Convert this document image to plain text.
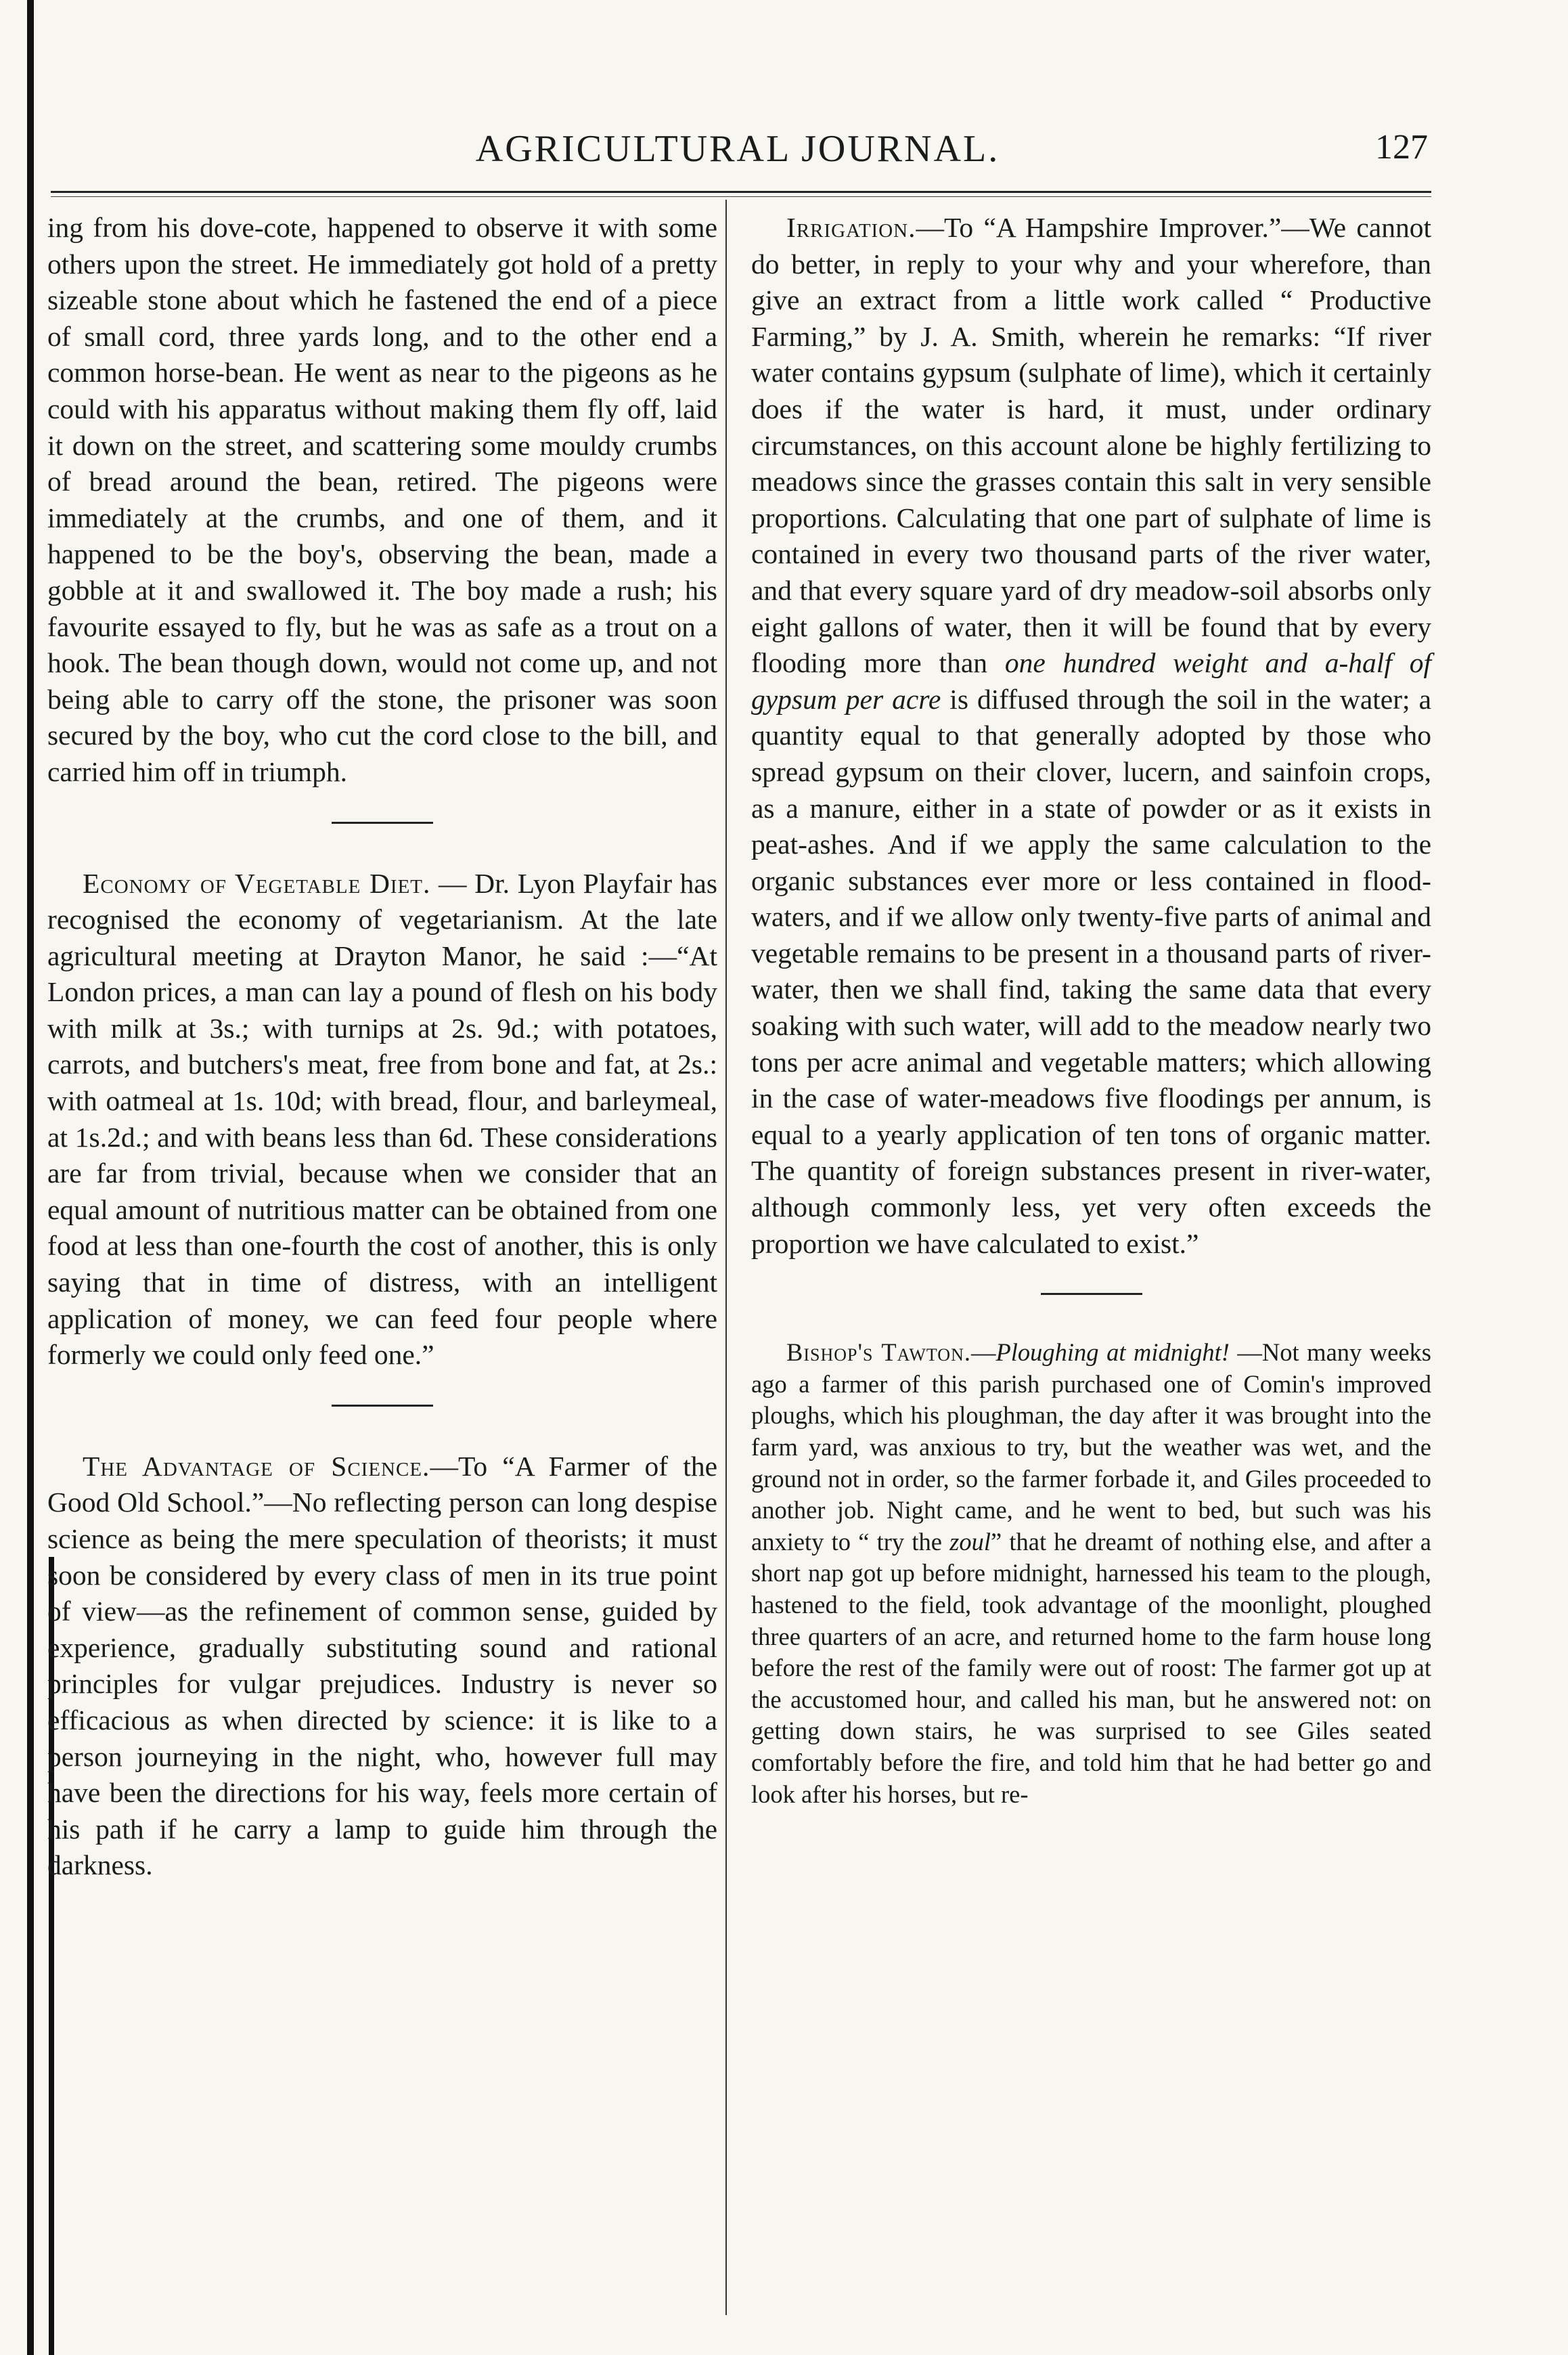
AGRICULTURAL JOURNAL.	127

ing from his dove-cote, happened to observe it with some others upon the street. He immediately got hold of a pretty sizeable stone about which he fastened the end of a piece of small cord, three yards long, and to the other end a common horse-bean. He went as near to the pigeons as he could with his apparatus without making them fly off, laid it down on the street, and scattering some mouldy crumbs of bread around the bean, retired. The pigeons were immediately at the crumbs, and one of them, and it happened to be the boy's, observing the bean, made a gobble at it and swallowed it. The boy made a rush; his favourite essayed to fly, but he was as safe as a trout on a hook. The bean though down, would not come up, and not being able to carry off the stone, the prisoner was soon secured by the boy, who cut the cord close to the bill, and carried him off in triumph.

Economy of Vegetable Diet. — Dr. Lyon Playfair has recognised the economy of vegetarianism. At the late agricultural meeting at Drayton Manor, he said :—“At London prices, a man can lay a pound of flesh on his body with milk at 3s.; with turnips at 2s. 9d.; with potatoes, carrots, and butchers's meat, free from bone and fat, at 2s.: with oatmeal at 1s. 10d; with bread, flour, and barleymeal, at 1s.2d.; and with beans less than 6d. These considerations are far from trivial, because when we consider that an equal amount of nutritious matter can be obtained from one food at less than one-fourth the cost of another, this is only saying that in time of distress, with an intelligent application of money, we can feed four people where formerly we could only feed one.”

The Advantage of Science.—To “A Farmer of the Good Old School.”—No reflecting person can long despise science as being the mere speculation of theorists; it must soon be considered by every class of men in its true point of view—as the refinement of common sense, guided by experience, gradually substituting sound and rational principles for vulgar prejudices. Industry is never so efficacious as when directed by science: it is like to a person journeying in the night, who, however full may have been the directions for his way, feels more certain of his path if he carry a lamp to guide him through the darkness.

Irrigation.—To “A Hampshire Improver.”—We cannot do better, in reply to your why and your wherefore, than give an extract from a little work called “ Productive Farming,” by J. A. Smith, wherein he remarks: “If river water contains gypsum (sulphate of lime), which it certainly does if the water is hard, it must, under ordinary circumstances, on this account alone be highly fertilizing to meadows since the grasses contain this salt in very sensible proportions. Calculating that one part of sulphate of lime is contained in every two thousand parts of the river water, and that every square yard of dry meadow-soil absorbs only eight gallons of water, then it will be found that by every flooding more than one hundred weight and a-half of gypsum per acre is diffused through the soil in the water; a quantity equal to that generally adopted by those who spread gypsum on their clover, lucern, and sainfoin crops, as a manure, either in a state of powder or as it exists in peat-ashes. And if we apply the same calculation to the organic substances ever more or less contained in flood-waters, and if we allow only twenty-five parts of animal and vegetable remains to be present in a thousand parts of river-water, then we shall find, taking the same data that every soaking with such water, will add to the meadow nearly two tons per acre animal and vegetable matters; which allowing in the case of water-meadows five floodings per annum, is equal to a yearly application of ten tons of organic matter. The quantity of foreign substances present in river-water, although commonly less, yet very often exceeds the proportion we have calculated to exist.”

Bishop's Tawton.—Ploughing at midnight! —Not many weeks ago a farmer of this parish purchased one of Comin's improved ploughs, which his ploughman, the day after it was brought into the farm yard, was anxious to try, but the weather was wet, and the ground not in order, so the farmer forbade it, and Giles proceeded to another job. Night came, and he went to bed, but such was his anxiety to “ try the zoul” that he dreamt of nothing else, and after a short nap got up before midnight, harnessed his team to the plough, hastened to the field, took advantage of the moonlight, ploughed three quarters of an acre, and returned home to the farm house long before the rest of the family were out of roost: The farmer got up at the accustomed hour, and called his man, but he answered not: on getting down stairs, he was surprised to see Giles seated comfortably before the fire, and told him that he had better go and look after his horses, but re-
